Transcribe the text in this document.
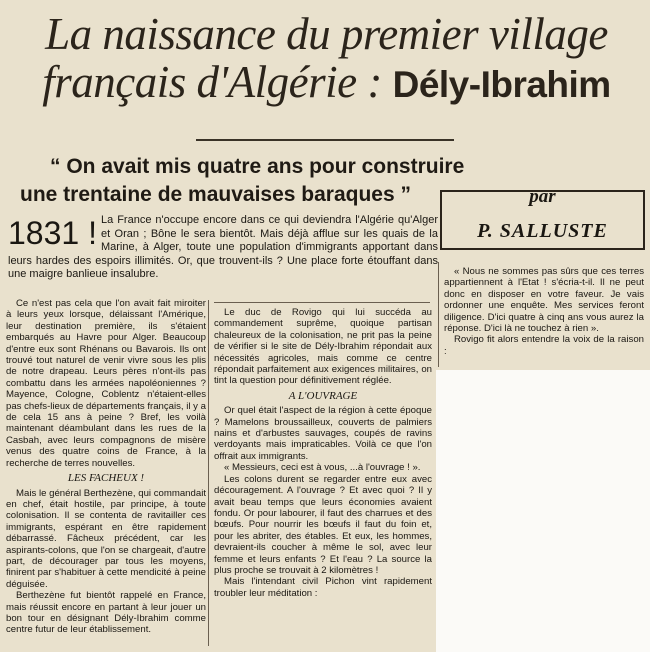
La naissance du premier village
français d'Algérie : Dély-Ibrahim
“ On avait mis quatre ans pour construire
une trentaine de mauvaises baraques ”	par
P. SALLUSTE
1831 ! La France n'occupe encore dans ce qui deviendra l'Algérie qu'Alger et Oran ; Bône le sera bientôt. Mais déjà afflue sur les quais de la Marine, à Alger, toute une population d'immigrants apportant dans leurs hardes des espoirs illimités. Or, que trouvent-ils ? Une place forte étouffant dans une maigre banlieue insalubre.

Ce n'est pas cela que l'on avait fait miroiter à leurs yeux lorsque, délaissant l'Amérique, leur destination première, ils s'étaient embarqués au Havre pour Alger. Beaucoup d'entre eux sont Rhénans ou Bavarois. Ils ont trouvé tout naturel de venir vivre sous les plis de notre drapeau. Leurs pères n'ont-ils pas combattu dans les armées napoléoniennes ? Mayence, Cologne, Coblentz n'étaient-elles pas chefs-lieux de départements français, il y a de cela 15 ans à peine ? Bref, les voilà maintenant déambulant dans les rues de la Casbah, avec leurs compagnons de misère venus des quatre coins de France, à la recherche de terres nouvelles.

LES FACHEUX !

Mais le général Berthezène, qui commandait en chef, était hostile, par principe, à toute colonisation. Il se contenta de ravitailler ces immigrants, espérant en être rapidement débarrassé. Fâcheux précédent, car les aspirants-colons, que l'on se chargeait, d'autre part, de décourager par tous les moyens, finirent par s'habituer à cette mendicité à peine déguisée.

Berthezène fut bientôt rappelé en France, mais réussit encore en partant à leur jouer un bon tour en désignant Dély-Ibrahim comme centre futur de leur établissement.

Le duc de Rovigo qui lui succéda au commandement suprême, quoique partisan chaleureux de la colonisation, ne prit pas la peine de vérifier si le site de Dély-Ibrahim répondait aux nécessités agricoles, mais comme ce centre répondait parfaitement aux exigences militaires, on tint la question pour définitivement réglée.

A L'OUVRAGE

Or quel était l'aspect de la région à cette époque ? Mamelons broussailleux, couverts de palmiers nains et d'arbustes sauvages, coupés de ravins verdoyants mais impraticables. Voilà ce que l'on offrait aux immigrants.

« Messieurs, ceci est à vous, ...à l'ouvrage ! ».

Les colons durent se regarder entre eux avec découragement. A l'ouvrage ? Et avec quoi ? Il y avait beau temps que leurs économies avaient fondu. Or pour labourer, il faut des charrues et des bœufs. Pour nourrir les bœufs il faut du foin et, pour les abriter, des étables. Et eux, les hommes, devraient-ils coucher à même le sol, avec leur femme et leurs enfants ? Et l'eau ? La source la plus proche se trouvait à 2 kilomètres !

Mais l'intendant civil Pichon vint rapidement troubler leur méditation :

« Nous ne sommes pas sûrs que ces terres appartiennent à l'Etat ! s'écria-t-il. Il ne peut donc en disposer en votre faveur. Je vais ordonner une enquête. Mes services feront diligence. D'ici quatre à cinq ans vous aurez la réponse. D'ici là ne touchez à rien ».

Rovigo fit alors entendre la voix de la raison :
